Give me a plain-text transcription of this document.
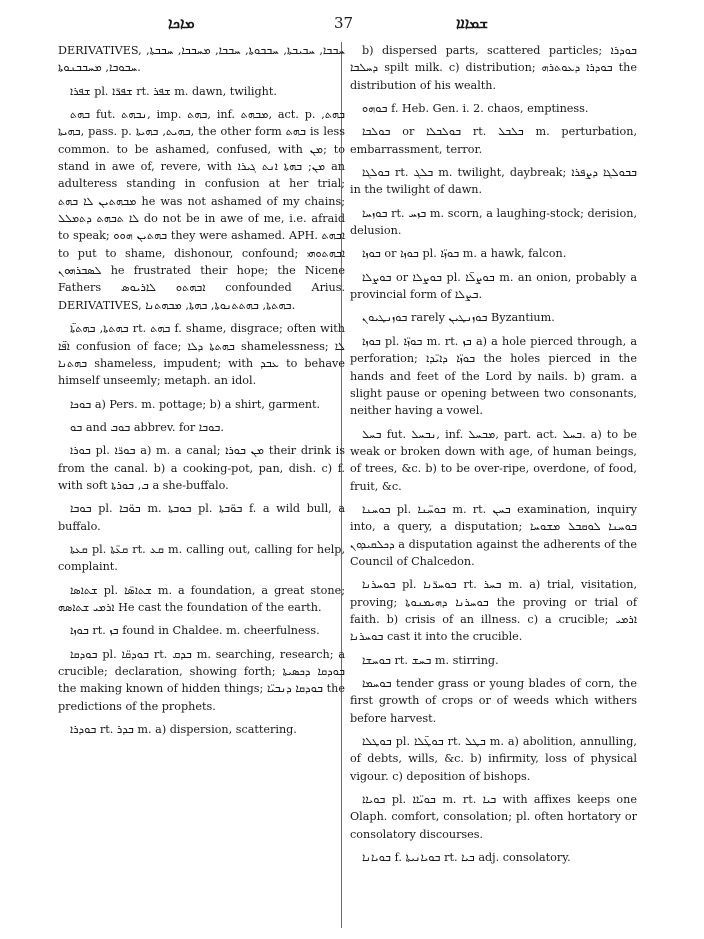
ܡܐܟܐ	37	ܫܡܐܐܐ

DERIVATIVES, ܚܒܒܐ, ܚܒܝܒܬܐ, ܚܒܒܘܬܐ, ܚܒܒܐ, ܡܚܒܒܐ, ܚܒܒܬܐ, ܚܒܘܒܐ, ܡܚܒܒܢܘܬܐ.

ܫܦܪܐ pl. ܫܦܪ̈ܐ rt. ܫܦܪ m. dawn, twilight.

ܒܗܬ fut. ܢܒܗܬ, imp. ܒܗܬ, inf. ܡܒܗܬ, act. p. ܒܗܬ, ܒܗܝܬܐ, pass. p. ܒܗܝܬ, ܒܗܝܬܐ, the other form ܒܗܬ is less common. to be ashamed, confused, with ܡܢ; to stand in awe of, revere, with ܡܢ; ܒܗܬܐ ܐܢܬ ܓܝܪܐ an adulteress standing in confusion at her trial; ܡܒܗܬܝܢ ܠܐ ܒܗܬ he was not ashamed of my chains; ܠܐ ܬܒܗܬ ܕܬܡܠܠ do not be in awe of me, i.e. afraid to speak; ܒܗܬܝܢ ܗܘܘ they were ashamed. APH. ܐܒܗܬ to put to shame, dishonour, confound; ܐܒܗܬܘܗܝ ܠܣܒܪܗܘܢ he frustrated their hope; the Nicene Fathers ܐܒܗܬܘ ܠܐܪܝܘܣ confounded Arius. DERIVATIVES, ܒܗܬܬܐ, ܒܗܬܬܢܘܬܐ, ܒܗܬܐ, ܡܒܗܬܢܐ.

ܒܗܬܬܐ, ܒܗܬܬ̈ܐ rt. ܒܗܬ f. shame, disgrace; often with ܐܦ̈ܐ confusion of face; ܒܗܬܬܐ ܕܠܐ shamelessness; ܠܐ ܒܗܬܢܐ shameless, impudent; with ܥܒܕ to behave himself unseemly; metaph. an idol.

ܒܘܟܐ a) Pers. m. pottage; b) a shirt, garment.

ܒܘ and ܒܘܒ abbrev. for ܒܘܒܐ.

ܒܘܪܐ pl. ܒܘܪ̈ܐ a) m. a canal; ܡܢ ܒܘܪܐ their drink is from the canal. b) a cooking-pot, pan, dish. c) f. with soft ܒ, ܒܘܪܬܐ a she-buffalo.

ܒܘܒܐ pl. ܒܘ̈ܒܐ m. ܒܘܒܬܐ pl. ܒܘ̈ܒܬܐ f. a wild bull, a buffalo.

ܩܥܬܐ pl. ܩܥ̈ܬܐ rt. ܩܥ m. calling out, calling for help, complaint.

ܫܬܐܣܐ pl. ܫܬܐܣ̈ܐ m. a foundation, a great stone; ܐܪܡܝ ܫܬܐܣܗ He cast the foundation of the earth.

ܒܘܙܐ rt. ܒܙ found in Chaldee. m. cheerfulness.

ܒܘܕܩܐ pl. ܒܘܕܩ̈ܐ rt. ܒܕܩ m. searching, research; a crucible; declaration, showing forth; ܒܘܕܩܐ ܕܟܣܝܬܐ the making known of hidden things; ܒܘܕܩܐ ܕܢܒܝ̈ܐ the predictions of the prophets.

ܒܘܕܪܐ rt. ܒܕܪ m. a) dispersion, scattering.

b) dispersed parts, scattered particles; ܒܘܕܪܐ ܕܚܠܒܐ spilt milk. c) distribution; ܒܘܕܪܐ ܕܥܘܬܪܗ the distribution of his wealth.

ܒܘܗܘ f. Heb. Gen. i. 2. chaos, emptiness.

ܒܘܠܒܐ or ܒܘܠܒܠܐ rt. ܒܠܒܠ m. perturbation, embarrassment, terror.

ܒܘܠܓܐ rt. ܒܠܓ m. twilight, daybreak; ܒܒܘܠܓܐ ܕܨܦܪܐ in the twilight of dawn.

ܒܘܙܚܐ rt. ܒܙܚ m. scorn, a laughing-stock; derision, delusion.

ܒܘܙܐ or ܒܘܙܐ pl. ܒܘܙ̈ܐ m. a hawk, falcon.

ܒܘܨܠܐ or ܒܘܨܠܐ pl. ܒܘܨܠ̈ܐ m. an onion, probably a provincial form of ܒܨܠܐ.

ܒܘܙܢܛܝܘܢ rarely ܒܘܙܢܛܝܢ Byzantium.

ܒܘܙܐ pl. ܒܘܙ̈ܐ m. rt. ܒܙ a) a hole pierced through, a perforation; ܒܘܙ̈ܐ ܕܐܝ̈ܕܐ the holes pierced in the hands and feet of the Lord by nails. b) gram. a slight pause or opening between two consonants, neither having a vowel.

ܒܚܠ fut. ܢܒܚܠ, inf. ܡܒܚܠ, part. act. ܒܚܠ. a) to be weak or broken down with age, of human beings, of trees, &c. b) to be over-ripe, overdone, of food, fruit, &c.

ܒܘܚܢܐ pl. ܒܘܚ̈ܢܐ m. rt. ܒܚܢ examination, inquiry into, a query, a disputation; ܒܘܚܢܐ ܠܘܩܒܠ ܡܫܘܚܐ ܕܟܠܩܝܕܘܢ a disputation against the adherents of the Council of Chalcedon.

ܒܘܚܪܢܐ pl. ܒܘܚܪ̈ܢܐ rt. ܒܚܪ m. a) trial, visitation, proving; ܒܘܚܪܢܐ ܕܗܝܡܢܘܬܐ the proving or trial of faith. b) crisis of an illness. c) a crucible; ܐܪܡܝ ܒܘܚܪܢܐ cast it into the crucible.

ܒܘܚܫܐ rt. ܒܚܫ m. stirring.

ܒܘܚܡܐ tender grass or young blades of corn, the first growth of crops or of weeds which withers before harvest.

ܒܘܛܠܐ pl. ܒܘܛ̈ܠܐ rt. ܒܛܠ m. a) abolition, annulling, of debts, wills, &c. b) infirmity, loss of physical vigour. c) deposition of bishops.

ܒܘܝܐܐ pl. ܒܘܝ̈ܐܐ m. rt. ܒܝܐ with affixes keeps one Olaph. comfort, consolation; pl. often hortatory or consolatory discourses.

ܒܘܝܐܢܐ f. ܒܘܝܐܢܝܬܐ rt. ܒܝܐ adj. consolatory.
